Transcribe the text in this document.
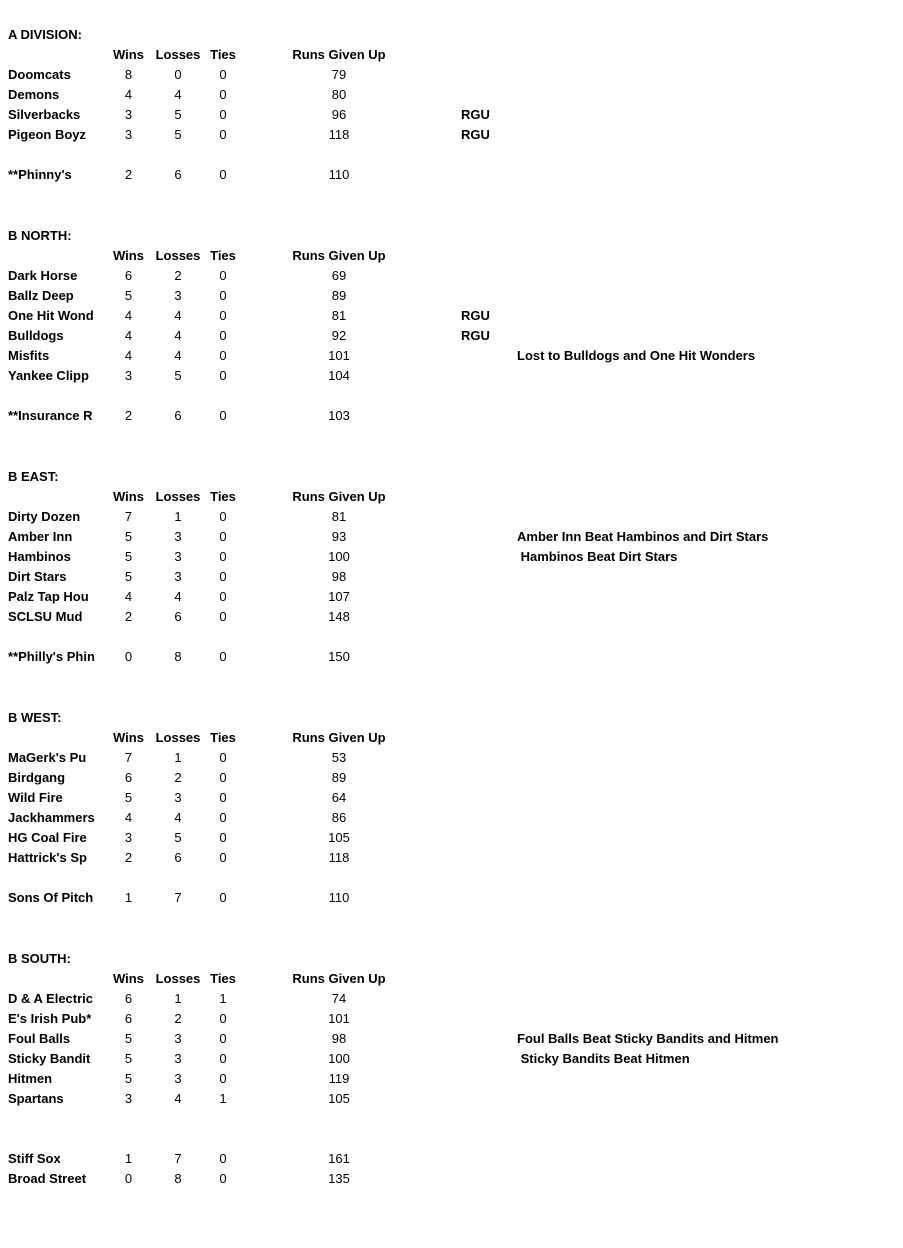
A DIVISION:
Wins Losses Ties	Runs Given Up
Doomcats	8	0	0	79
Demons	4	4	0	80
Silverbacks	3	5	0	96	RGU
Pigeon Boyz	3	5	0	118	RGU
**Phinny's	2	6	0	110
B NORTH:
Wins Losses Ties	Runs Given Up
Dark Horse	6	2	0	69
Ballz Deep	5	3	0	89
One Hit Wond	4	4	0	81	RGU
Bulldogs	4	4	0	92	RGU
Misfits	4	4	0	101	Lost to Bulldogs and One Hit Wonders
Yankee Clipp	3	5	0	104
**Insurance R	2	6	0	103
B EAST:
Wins Losses Ties	Runs Given Up
Dirty Dozen	7	1	0	81
Amber Inn	5	3	0	93	Amber Inn Beat Hambinos and Dirt Stars
Hambinos	5	3	0	100	Hambinos Beat Dirt Stars
Dirt Stars	5	3	0	98
Palz Tap Hou	4	4	0	107
SCLSU Mud	2	6	0	148
**Philly's Phin	0	8	0	150
B WEST:
Wins Losses Ties	Runs Given Up
MaGerk's Pu	7	1	0	53
Birdgang	6	2	0	89
Wild Fire	5	3	0	64
Jackhammers	4	4	0	86
HG Coal Fire	3	5	0	105
Hattrick's Sp	2	6	0	118
Sons Of Pitch	1	7	0	110
B SOUTH:
Wins Losses Ties	Runs Given Up
D & A Electric	6	1	1	74
E's Irish Pub*	6	2	0	101
Foul Balls	5	3	0	98	Foul Balls Beat Sticky Bandits and Hitmen
Sticky Bandit	5	3	0	100	Sticky Bandits Beat Hitmen
Hitmen	5	3	0	119
Spartans	3	4	1	105
Stiff Sox	1	7	0	161
Broad Street	0	8	0	135
